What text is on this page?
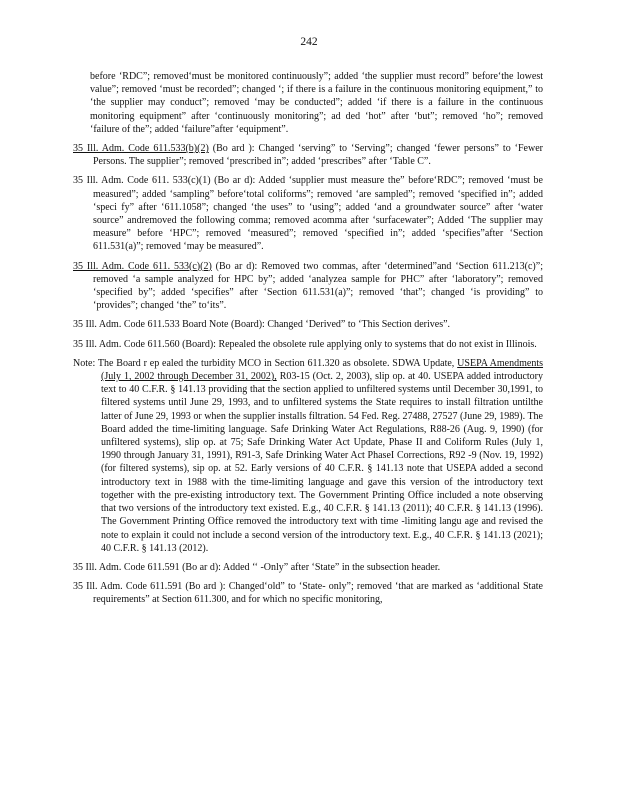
242

before ‘RDC”; removed‘must be monitored continuously”; added ‘the supplier must record” before‘the lowest value”; removed ‘must be recorded”; changed ‘; if there is a failure in the continuous monitoring equipment,” to ‘the supplier may conduct”; removed ‘may be conducted”; added ‘if there is a failure in the continuous monitoring equipment” after ‘continuously monitoring”; ad ded ‘hot” after ‘but”; removed ‘ho”; removed ‘failure of the”; added ‘failure”after ‘equipment”.

35 Ill. Adm. Code 611.533(b)(2) (Bo ard ): Changed ‘serving” to ‘Serving”; changed ‘fewer persons” to ‘Fewer Persons. The supplier”; removed ‘prescribed in”; added ‘prescribes” after ‘Table C”.

35 Ill. Adm. Code 611. 533(c)(1) (Bo ar d): Added ‘supplier must measure the” before‘RDC”; removed ‘must be measured”; added ‘sampling” before‘total coliforms”; removed ‘are sampled”; removed ‘specified in”; added ‘speci fy” after ‘611.1058”; changed ‘the uses” to ‘using”; added ‘and a groundwater source” after ‘water source” andremoved the following comma; removed acomma after ‘surfacewater”; Added ‘The supplier may measure” before ‘HPC”; removed ‘measured”; removed ‘specified in”; added ‘specifies”after ‘Section 611.531(a)”; removed ‘may be measured”.

35 Ill. Adm. Code 611. 533(c)(2) (Bo ar d): Removed two commas, after ‘determined”and ‘Section 611.213(c)”; removed ‘a sample analyzed for HPC by”; added ‘analyzea sample for PHC” after ‘laboratory”; removed ‘specified by”; added ‘specifies” after ‘Section 611.531(a)”; removed ‘that”; changed ‘is providing” to ‘provides”; changed ‘the” to‘its”.

35 Ill. Adm. Code 611.533 Board Note (Board): Changed ‘Derived” to ‘This Section derives”.

35 Ill. Adm. Code 611.560 (Board): Repealed the obsolete rule applying only to systems that do not exist in Illinois.

Note: The Board r ep ealed the turbidity MCO in Section 611.320 as obsolete. SDWA Update, USEPA Amendments (July 1, 2002 through December 31, 2002), R03-15 (Oct. 2, 2003), slip op. at 40. USEPA added introductory text to 40 C.F.R. § 141.13 providing that the section applied to unfiltered systems until December 30,1991, to filtered systems until June 29, 1993, and to unfiltered systems the State requires to install filtration untilthe latter of June 29, 1993 or when the supplier installs filtration. 54 Fed. Reg. 27488, 27527 (June 29, 1989). The Board added the time-limiting language. Safe Drinking Water Act Regulations, R88-26 (Aug. 9, 1990) (for unfiltered systems), slip op. at 75; Safe Drinking Water Act Update, Phase II and Coliform Rules (July 1, 1990 through January 31, 1991), R91-3, Safe Drinking Water Act PhaseI Corrections, R92 -9 (Nov. 19, 1992) (for filtered systems), sip op. at 52. Early versions of 40 C.F.R. § 141.13 note that USEPA added a second introductory text in 1988 with the time-limiting language and gave this version of the introductory text together with the pre-existing introductory text. The Government Printing Office included a note observing that two versions of the introductory text existed. E.g., 40 C.F.R. § 141.13 (2011); 40 C.F.R. § 141.13 (1996). The Government Printing Office removed the introductory text with time -limiting langu age and revised the note to explain it could not include a second version of the introductory text. E.g., 40 C.F.R. § 141.13 (2021); 40 C.F.R. § 141.13 (2012).

35 Ill. Adm. Code 611.591 (Bo ar d): Added ‘‘ -Only” after ‘State” in the subsection header.

35 Ill. Adm. Code 611.591 (Bo ard ): Changed‘old” to ‘State- only”; removed ‘that are marked as ‘additional State requirements” at Section 611.300, and for which no specific monitoring,
